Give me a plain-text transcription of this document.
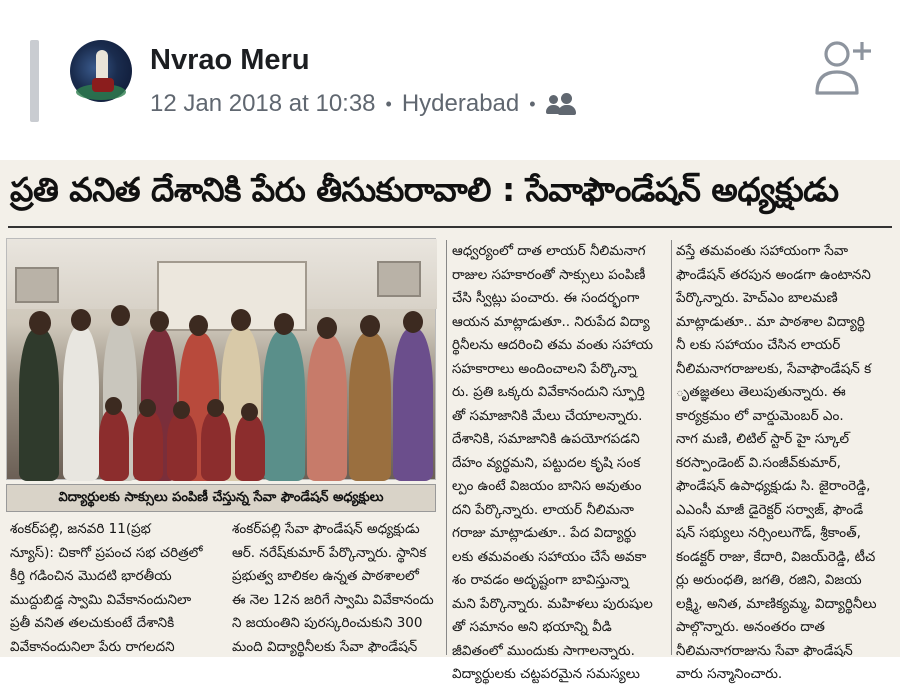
Nvrao Meru
12 Jan 2018 at 10:38 • Hyderabad •
ప్రతి వనిత దేశానికి పేరు తీసుకురావాలి : సేవాఫౌండేషన్ అధ్యక్షుడు
విద్యార్థులకు సాక్సులు పంపిణీ చేస్తున్న సేవా ఫౌండేషన్ అధ్యక్షులు
శంకర్‌పల్లి, జనవరి 11(ప్రభ
న్యూస్): చికాగో ప్రపంచ సభ చరిత్రలో
కీర్తి గడించిన మొదటి భారతీయ
ముద్దుబిడ్డ స్వామి వివేకానందునిలా
ప్రతీ వనిత తలచుకుంటే దేశానికి
వివేకానందునిలా పేరు రాగలదని
శంకర్‌పల్లి సేవా ఫౌండేషన్ అధ్యక్షుడు
ఆర్. నరేష్‌కుమార్ పేర్కొన్నారు. స్థానిక
ప్రభుత్వ బాలికల ఉన్నత పాఠశాలలో
ఈ నెల 12న జరిగే స్వామి వివేకానందు
ని జయంతిని పురస్కరించుకుని 300
మంది విద్యార్థినీలకు సేవా ఫౌండేషన్
ఆధ్వర్యంలో దాత లాయర్ నీలిమనాగ
రాజుల సహకారంతో సాక్సులు పంపిణీ
చేసి స్వీట్లు పంచారు. ఈ సందర్భంగా
ఆయన మాట్లాడుతూ.. నిరుపేద విద్యా
ర్థినీలను ఆదరించి తమ వంతు సహాయ
సహకారాలు అందించాలని పేర్కొన్నా
రు. ప్రతి ఒక్కరు వివేకానందుని స్ఫూర్తి
తో సమాజానికి మేలు చేయాలన్నారు.
దేశానికి, సమాజానికి ఉపయోగపడని
దేహం వ్యర్థమని, పట్టుదల కృషి సంక
ల్పం ఉంటే విజయం బానిస అవుతుం
దని పేర్కొన్నారు. లాయర్ నీలిమనా
గరాజు మాట్లాడుతూ.. పేద విద్యార్థు
లకు తమవంతు సహాయం చేసే అవకా
శం రావడం అదృష్టంగా బావిస్తున్నా
మని పేర్కొన్నారు. మహిళలు పురుషుల
తో సమానం అని భయాన్ని వీడి
జీవితంలో ముందుకు సాగాలన్నారు.
విద్యార్థులకు చట్టపరమైన సమస్యలు
వస్తే తమవంతు సహాయంగా సేవా
ఫౌండేషన్ తరపున అండగా ఉంటానని
పేర్కొన్నారు. హెచ్ఎం బాలమణి
మాట్లాడుతూ.. మా పాఠశాల విద్యార్థి
నీ లకు సహాయం చేసిన లాయర్
నీలిమనాగరాజులకు, సేవాఫౌండేషన్ క
ృతజ్ఞతలు తెలుపుతున్నారు. ఈ
కార్యక్రమం లో వార్డుమెంబర్ ఎం.
నాగ మణి, లిటిల్ స్టార్ హై స్కూల్
కరస్పాండెంట్ వి.సంజీవ్‌కుమార్,
ఫౌండేషన్ ఉపాధ్యక్షుడు సి. జైరాంరెడ్డి,
ఎఎంసీ మాజీ డైరెక్టర్ సర్వాజ్, ఫౌండే
షన్ సభ్యులు నర్సింలుగౌడ్, శ్రీకాంత్,
కండక్టర్ రాజు, కేదారి, విజయ్‌రెడ్డి, టీచ
ర్లు అరుంధతి, జగతి, రజిని, విజయ
లక్ష్మి, అనిత, మాణిక్యమ్మ, విద్యార్థినీలు
పాల్గొన్నారు. అనంతరం దాత
నీలిమనాగరాజును సేవా ఫౌండేషన్
వారు సన్మానించారు.
